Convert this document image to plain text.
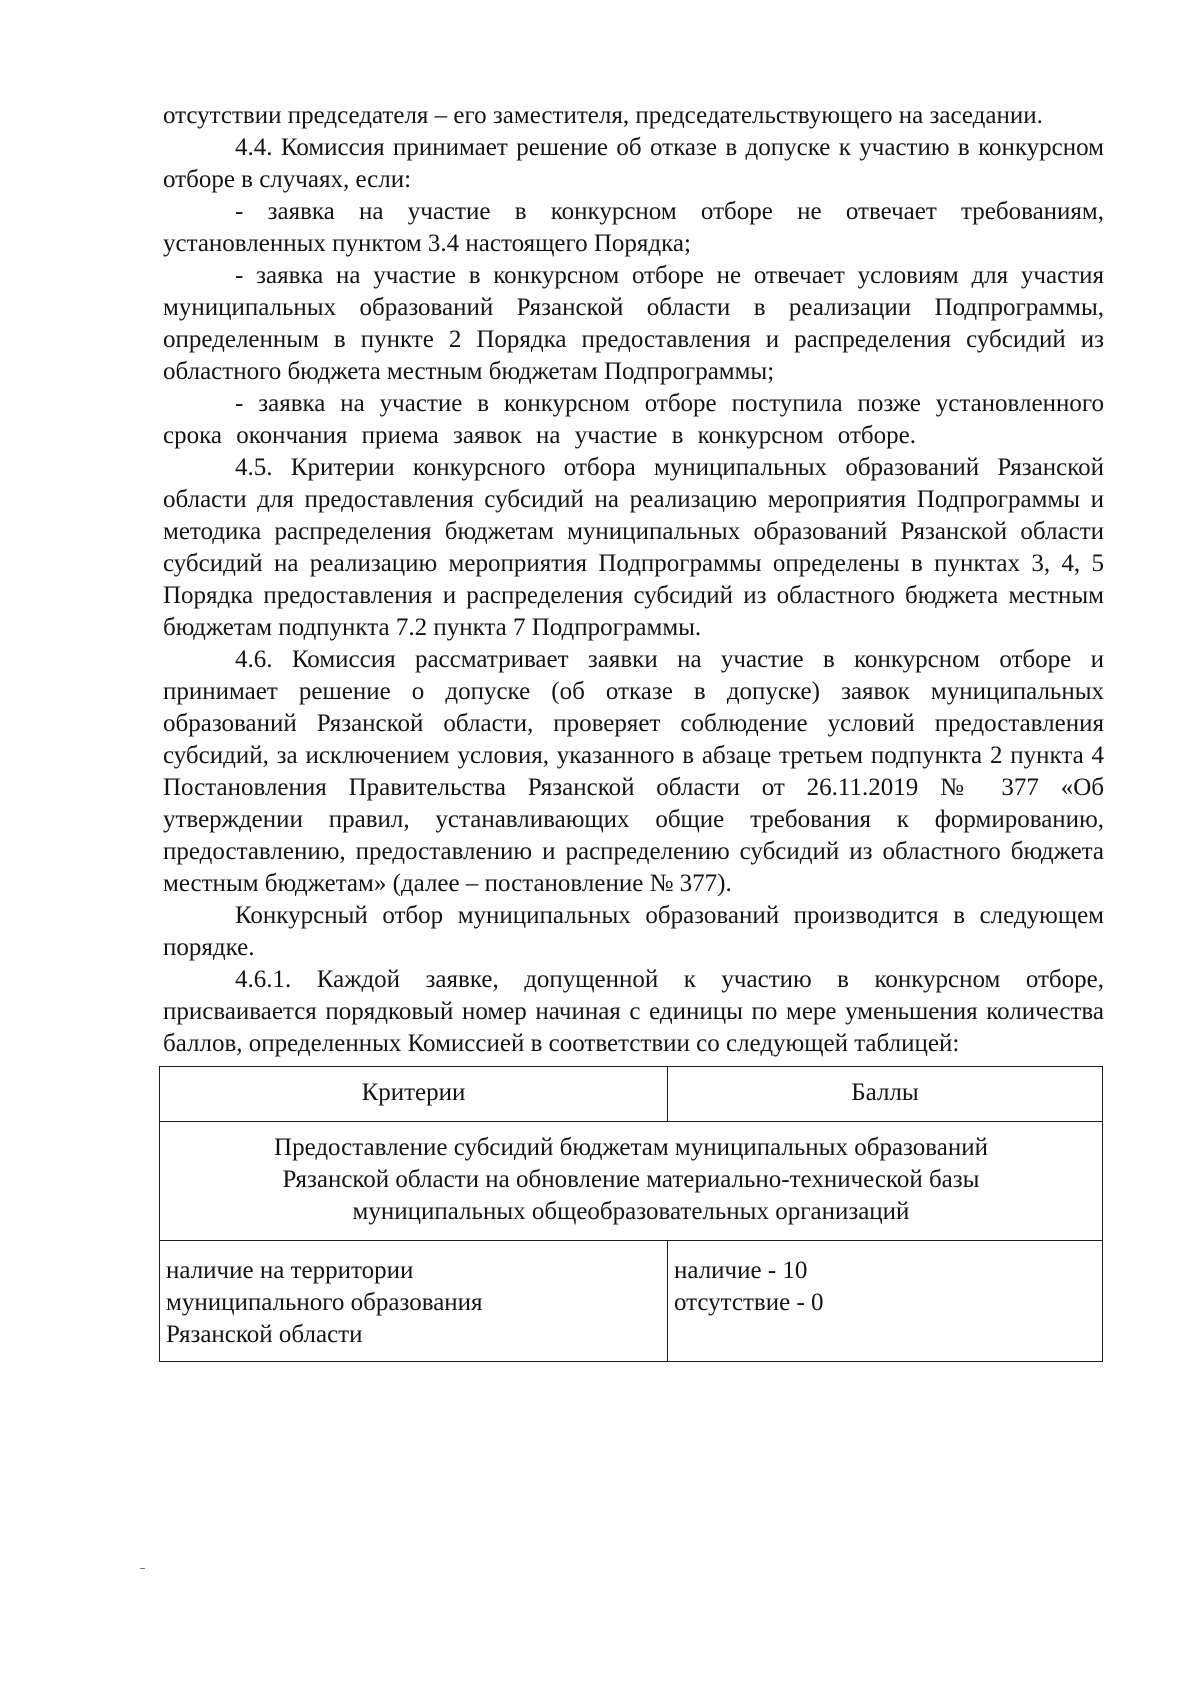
отсутствии председателя – его заместителя, председательствующего на заседании.

4.4. Комиссия принимает решение об отказе в допуске к участию в конкурсном отборе в случаях, если:

- заявка на участие в конкурсном отборе не отвечает требованиям, установленных пунктом 3.4 настоящего Порядка;

- заявка на участие в конкурсном отборе не отвечает условиям для участия муниципальных образований Рязанской области в реализации Подпрограммы, определенным в пункте 2 Порядка предоставления и распределения субсидий из областного бюджета местным бюджетам Подпрограммы;

- заявка на участие в конкурсном отборе поступила позже установленного срока окончания приема заявок на участие в конкурсном отборе.

4.5. Критерии конкурсного отбора муниципальных образований Рязанской области для предоставления субсидий на реализацию мероприятия Подпрограммы и методика распределения бюджетам муниципальных образований Рязанской области субсидий на реализацию мероприятия Подпрограммы определены в пунктах 3, 4, 5 Порядка предоставления и распределения субсидий из областного бюджета местным бюджетам подпункта 7.2 пункта 7 Подпрограммы.

4.6. Комиссия рассматривает заявки на участие в конкурсном отборе и принимает решение о допуске (об отказе в допуске) заявок муниципальных образований Рязанской области, проверяет соблюдение условий предоставления субсидий, за исключением условия, указанного в абзаце третьем подпункта 2 пункта 4 Постановления Правительства Рязанской области от 26.11.2019 № 377 «Об утверждении правил, устанавливающих общие требования к формированию, предоставлению, предоставлению и распределению субсидий из областного бюджета местным бюджетам» (далее – постановление № 377).

Конкурсный отбор муниципальных образований производится в следующем порядке.

4.6.1. Каждой заявке, допущенной к участию в конкурсном отборе, присваивается порядковый номер начиная с единицы по мере уменьшения количества баллов, определенных Комиссией в соответствии со следующей таблицей:

Критерии	Баллы

Предоставление субсидий бюджетам муниципальных образований
Рязанской области на обновление материально-технической базы
муниципальных общеобразовательных организаций	

наличие на территории
муниципального образования
Рязанской области	наличие - 10
отсутствие - 0
